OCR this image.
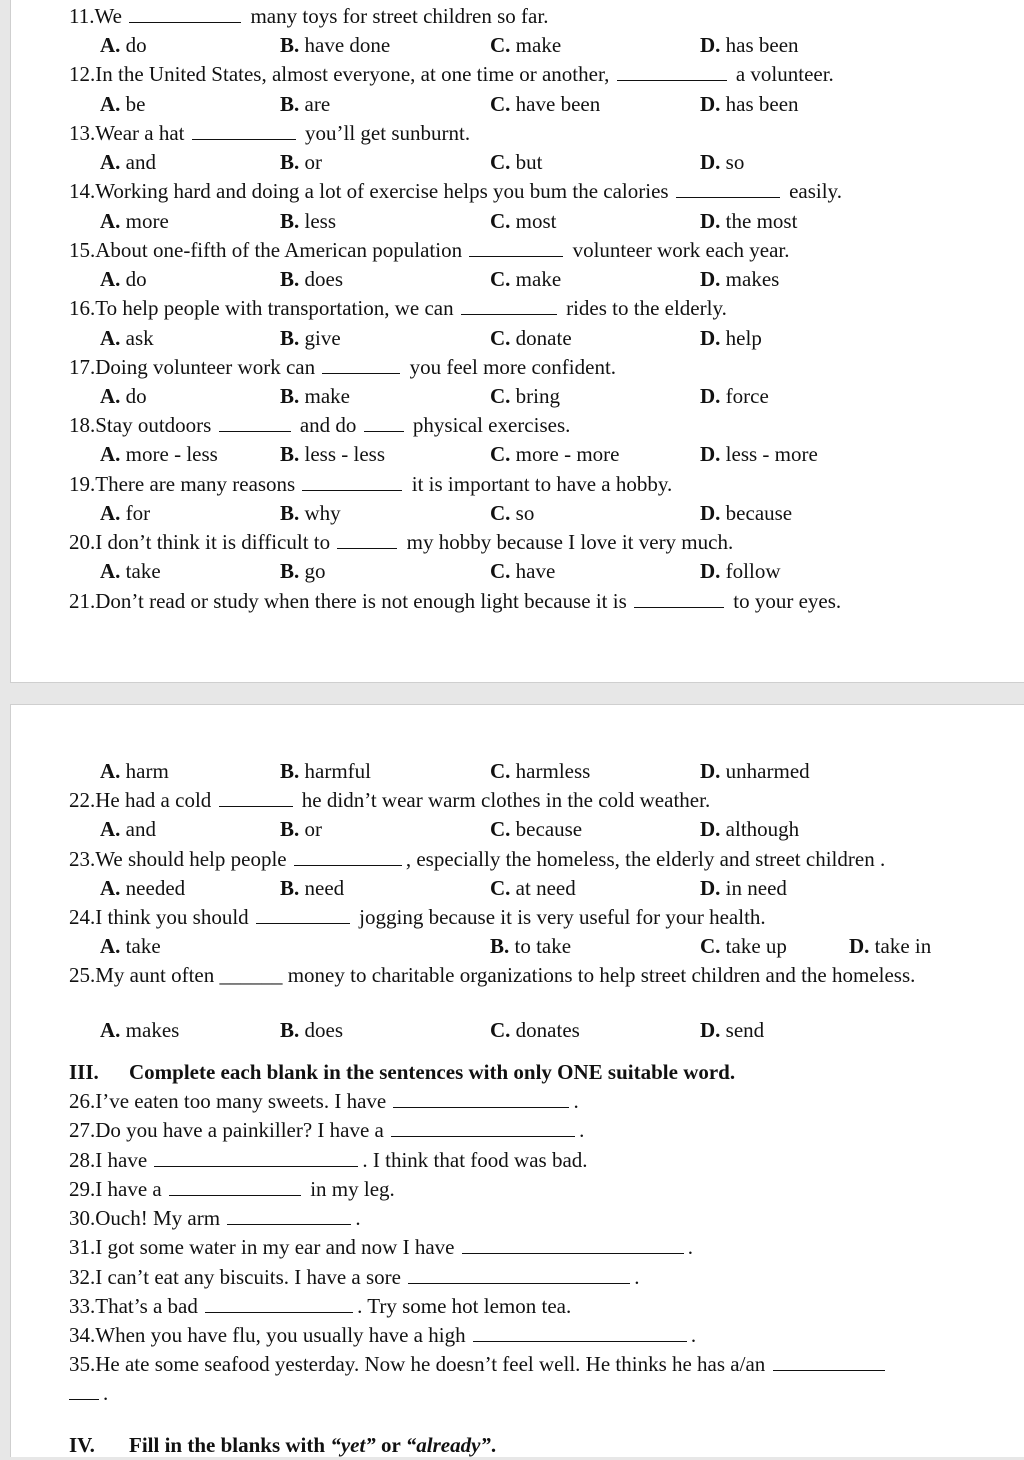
11.We	many toys for street children so far.
A. do	B. have done	C. make	D. has been
12.In the United States, almost everyone, at one time or another,	a volunteer.
A. be	B. are	C. have been	D. has been
13.Wear a hat	you’ll get sunburnt.
A. and	B. or	C. but	D. so
14.Working hard and doing a lot of exercise helps you bum the calories	easily.
A. more	B. less	C. most	D. the most
15.About one-fifth of the American population	volunteer work each year.
A. do	B. does	C. make	D. makes
16.To help people with transportation, we can	rides to the elderly.
A. ask	B. give	C. donate	D. help
17.Doing volunteer work can	you feel more confident.
A. do	B. make	C. bring	D. force
18.Stay outdoors	and do	physical exercises.
A. more - less	B. less - less	C. more - more	D. less - more
19.There are many reasons	it is important to have a hobby.
A. for	B. why	C. so	D. because
20.I don’t think it is difficult to	my hobby because I love it very much.
A. take	B. go	C. have	D. follow
21.Don’t read or study when there is not enough light because it is	to your eyes.
A. harm	B. harmful	C. harmless	D. unharmed
22.He had a cold	he didn’t wear warm clothes in the cold weather.
A. and	B. or	C. because	D. although
23.We should help people	, especially the homeless, the elderly and street children .
A. needed	B. need	C. at need	D. in need
24.I think you should	jogging because it is very useful for your health.
A. take	B. to take	C. take up	D. take in
25.My aunt often ______ money to charitable organizations to help street children and the homeless.
A. makes	B. does	C. donates	D. send
III. Complete each blank in the sentences with only ONE suitable word.
26.I’ve eaten too many sweets. I have	.
27.Do you have a painkiller? I have a	.
28.I have	. I think that food was bad.
29.I have a	in my leg.
30.Ouch! My arm	.
31.I got some water in my ear and now I have	.
32.I can’t eat any biscuits. I have a sore	.
33.That’s a bad	. Try some hot lemon tea.
34.When you have flu, you usually have a high	.
35.He ate some seafood yesterday. Now he doesn’t feel well. He thinks he has a/an
.
IV. Fill in the blanks with “yet” or “already”.
